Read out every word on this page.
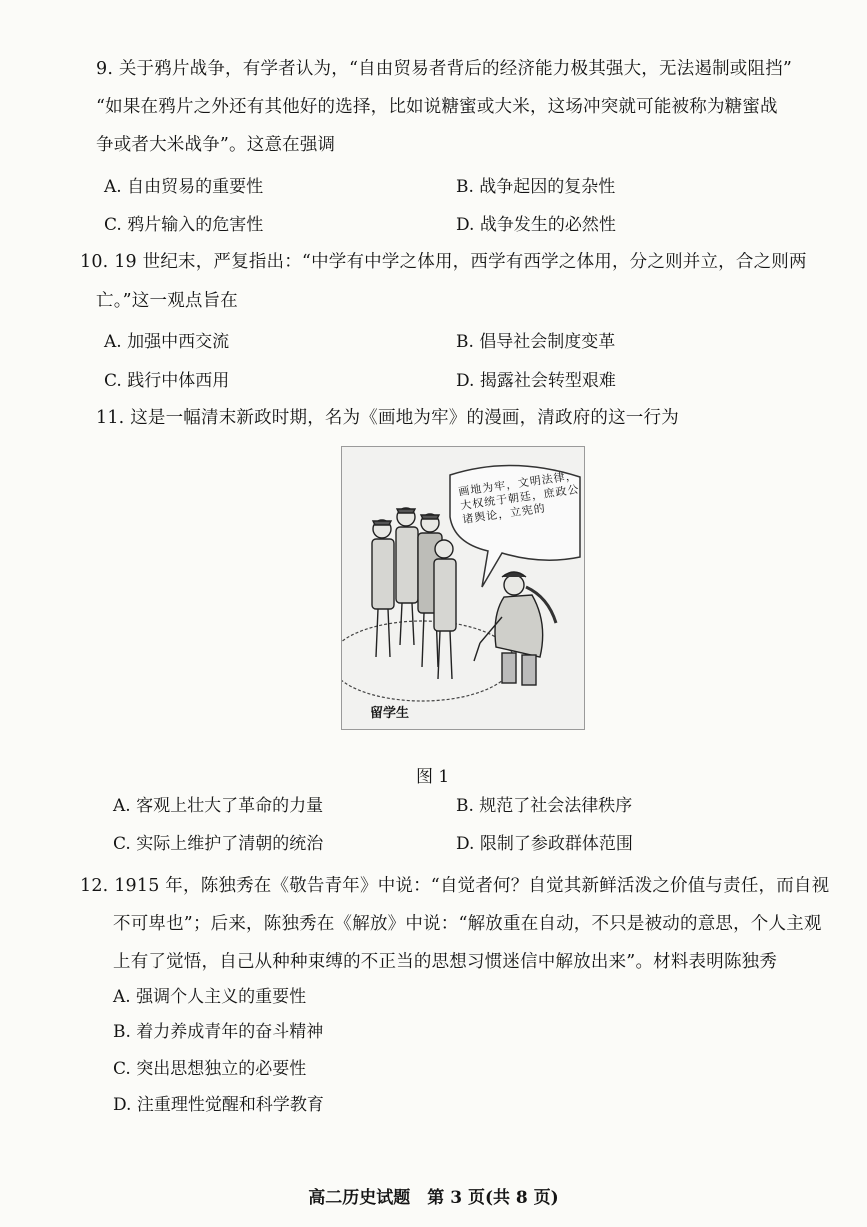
9. 关于鸦片战争，有学者认为，“自由贸易者背后的经济能力极其强大，无法遏制或阻挡”
“如果在鸦片之外还有其他好的选择，比如说糖蜜或大米，这场冲突就可能被称为糖蜜战
争或者大米战争”。这意在强调
A. 自由贸易的重要性	B. 战争起因的复杂性
C. 鸦片输入的危害性	D. 战争发生的必然性
10. 19 世纪末，严复指出：“中学有中学之体用，西学有西学之体用，分之则并立，合之则两
亡。”这一观点旨在
A. 加强中西交流	B. 倡导社会制度变革
C. 践行中体西用	D. 揭露社会转型艰难
11. 这是一幅清末新政时期，名为《画地为牢》的漫画，清政府的这一行为
画地为牢，文明法律，大权统于朝廷，庶政公诸舆论，立宪的
留学生
图 1
A. 客观上壮大了革命的力量	B. 规范了社会法律秩序
C. 实际上维护了清朝的统治	D. 限制了参政群体范围
12. 1915 年，陈独秀在《敬告青年》中说：“自觉者何？自觉其新鲜活泼之价值与责任，而自视
不可卑也”；后来，陈独秀在《解放》中说：“解放重在自动，不只是被动的意思，个人主观
上有了觉悟，自己从种种束缚的不正当的思想习惯迷信中解放出来”。材料表明陈独秀
A. 强调个人主义的重要性
B. 着力养成青年的奋斗精神
C. 突出思想独立的必要性
D. 注重理性觉醒和科学教育
高二历史试题　第 3 页(共 8 页)
